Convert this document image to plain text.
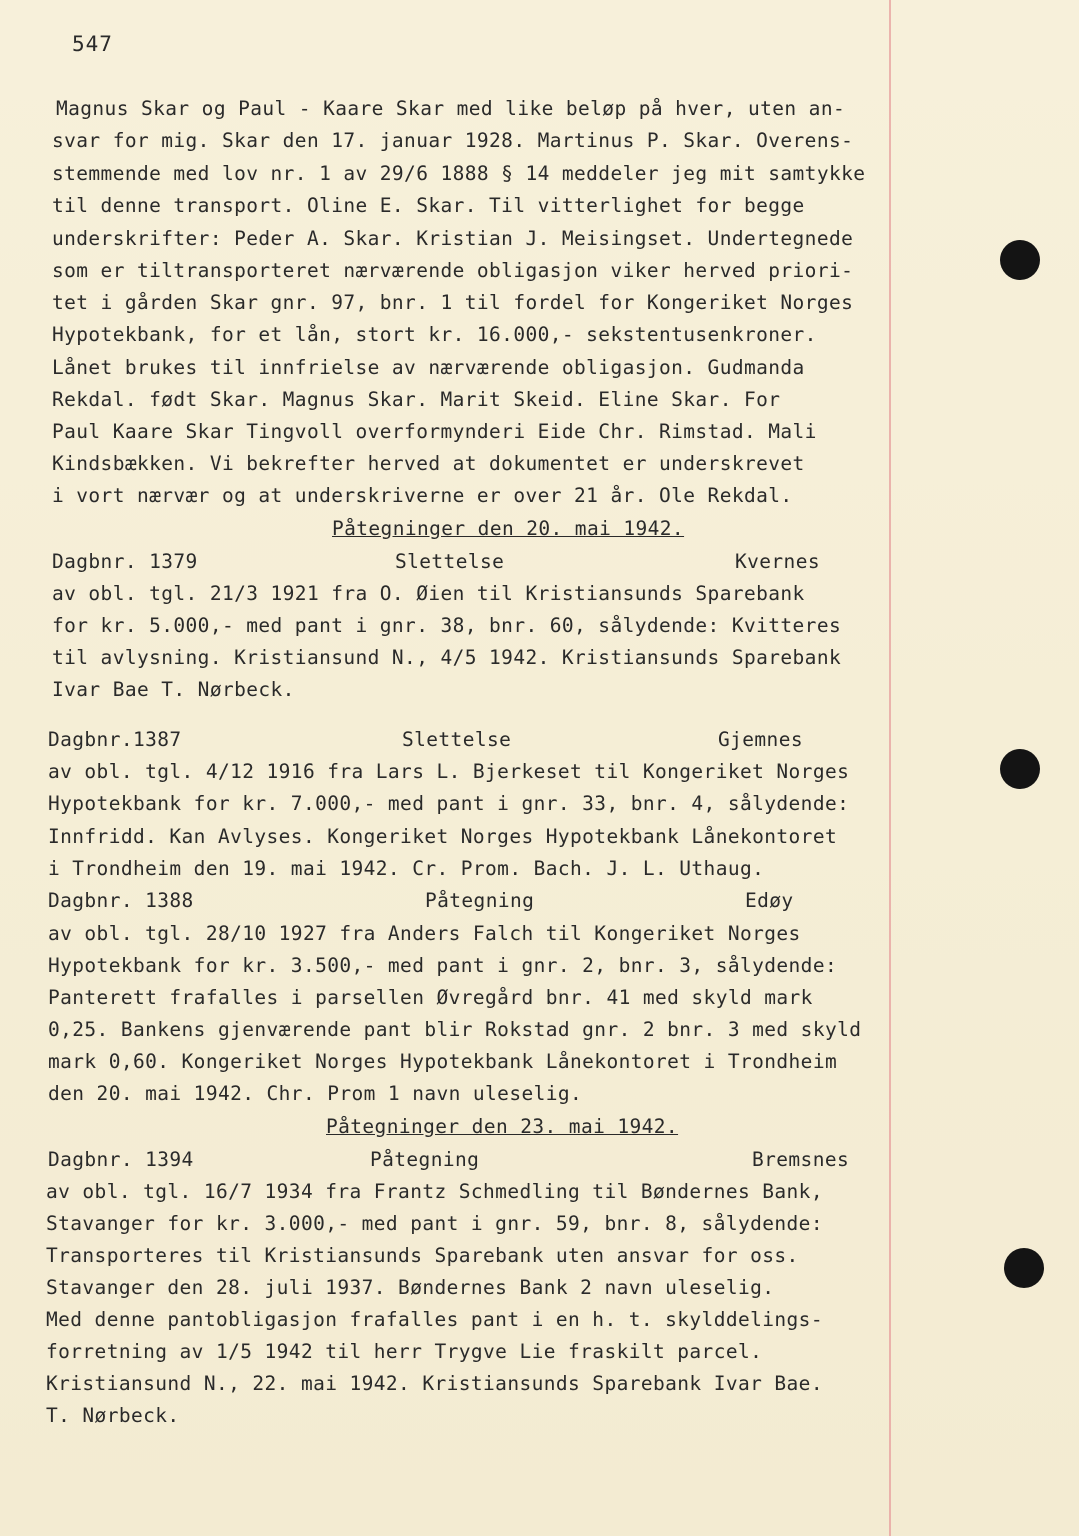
547
Magnus Skar og Paul - Kaare Skar med like beløp på hver, uten an-
svar for mig. Skar den 17. januar 1928. Martinus P. Skar. Overens-
stemmende med lov nr. 1 av 29/6 1888 § 14 meddeler jeg mit samtykke
til denne transport. Oline E. Skar. Til vitterlighet for begge
underskrifter: Peder A. Skar. Kristian J. Meisingset. Undertegnede
som er tiltransporteret nærværende obligasjon viker herved priori-
tet i gården Skar gnr. 97, bnr. 1 til fordel for Kongeriket Norges
Hypotekbank, for et lån, stort kr. 16.000,- sekstentusenkroner.
Lånet brukes til innfrielse av nærværende obligasjon. Gudmanda
Rekdal. født Skar. Magnus Skar. Marit Skeid. Eline Skar. For
Paul Kaare Skar Tingvoll overformynderi Eide Chr. Rimstad. Mali
Kindsbækken. Vi bekrefter herved at dokumentet er underskrevet
i vort nærvær og at underskriverne er over 21 år. Ole Rekdal.
Påtegninger den 20. mai 1942.
Dagbnr. 1379	Slettelse	Kvernes
av obl. tgl. 21/3 1921 fra O. Øien til Kristiansunds Sparebank
for kr. 5.000,- med pant i gnr. 38, bnr. 60, sålydende: Kvitteres
til avlysning. Kristiansund N., 4/5 1942. Kristiansunds Sparebank
Ivar Bae T. Nørbeck.
Dagbnr.1387	Slettelse	Gjemnes
av obl. tgl. 4/12 1916 fra Lars L. Bjerkeset til Kongeriket Norges
Hypotekbank for kr. 7.000,- med pant i gnr. 33, bnr. 4, sålydende:
Innfridd. Kan Avlyses. Kongeriket Norges Hypotekbank Lånekontoret
i Trondheim den 19. mai 1942. Cr. Prom. Bach. J. L. Uthaug.
Dagbnr. 1388	Påtegning	Edøy
av obl. tgl. 28/10 1927 fra Anders Falch til Kongeriket Norges
Hypotekbank for kr. 3.500,- med pant i gnr. 2, bnr. 3, sålydende:
Panterett frafalles i parsellen Øvregård bnr. 41 med skyld mark
0,25. Bankens gjenværende pant blir Rokstad gnr. 2 bnr. 3 med skyld
mark 0,60. Kongeriket Norges Hypotekbank Lånekontoret i Trondheim
den 20. mai 1942. Chr. Prom 1 navn uleselig.
Påtegninger den 23. mai 1942.
Dagbnr. 1394	Påtegning	Bremsnes
av obl. tgl. 16/7 1934 fra Frantz Schmedling til Bøndernes Bank,
Stavanger for kr. 3.000,- med pant i gnr. 59, bnr. 8, sålydende:
Transporteres til Kristiansunds Sparebank uten ansvar for oss.
Stavanger den 28. juli 1937. Bøndernes Bank 2 navn uleselig.
Med denne pantobligasjon frafalles pant i en h. t. skylddelings-
forretning av 1/5 1942 til herr Trygve Lie fraskilt parcel.
Kristiansund N., 22. mai 1942. Kristiansunds Sparebank Ivar Bae.
T. Nørbeck.
